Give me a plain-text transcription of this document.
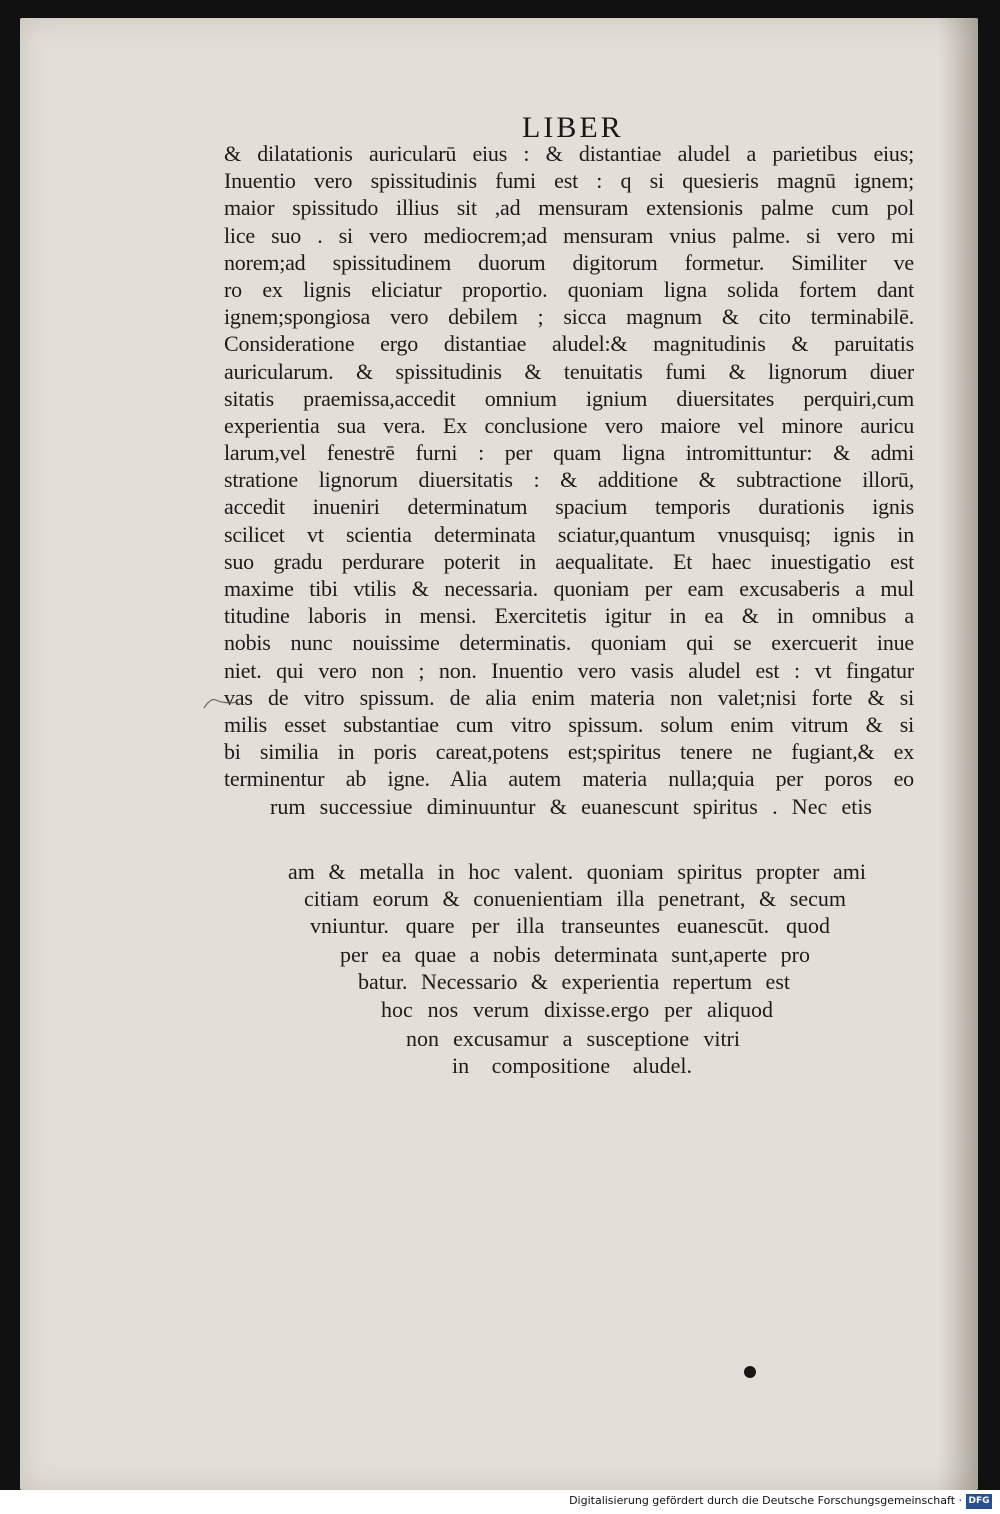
LIBER
& dilatationis auricularū eius : & distantiae aludel a parietibus eius;
Inuentio vero spissitudinis fumi est : q si quesieris magnū ignem;
maior spissitudo illius sit ,ad mensuram extensionis palme cum pol
lice suo . si vero mediocrem;ad mensuram vnius palme. si vero mi
norem;ad spissitudinem duorum digitorum formetur. Similiter ve
ro ex lignis eliciatur proportio. quoniam ligna solida fortem dant
ignem;spongiosa vero debilem ; sicca magnum & cito terminabilē.
Consideratione ergo distantiae aludel:& magnitudinis & paruitatis
auricularum. & spissitudinis & tenuitatis fumi & lignorum diuer
sitatis praemissa,accedit omnium ignium diuersitates perquiri,cum
experientia sua vera. Ex conclusione vero maiore vel minore auricu
larum,vel fenestrē furni : per quam ligna intromittuntur: & admi
stratione lignorum diuersitatis : & additione & subtractione illorū,
accedit inueniri determinatum spacium temporis durationis ignis
scilicet vt scientia determinata sciatur,quantum vnusquisq; ignis in
suo gradu perdurare poterit in aequalitate. Et haec inuestigatio est
maxime tibi vtilis & necessaria. quoniam per eam excusaberis a mul
titudine laboris in mensi. Exercitetis igitur in ea & in omnibus a
nobis nunc nouissime determinatis. quoniam qui se exercuerit inue
niet. qui vero non ; non. Inuentio vero vasis aludel est : vt fingatur
vas de vitro spissum. de alia enim materia non valet;nisi forte & si
milis esset substantiae cum vitro spissum. solum enim vitrum & si
bi similia in poris careat,potens est;spiritus tenere ne fugiant,& ex
terminentur ab igne. Alia autem materia nulla;quia per poros eo
rum successiue diminuuntur & euanescunt spiritus . Nec etis
am & metalla in hoc valent. quoniam spiritus propter ami
citiam eorum & conuenientiam illa penetrant, & secum
vniuntur. quare per illa transeuntes euanescūt. quod
per ea quae a nobis determinata sunt,aperte pro
batur. Necessario & experientia repertum est
hoc nos verum dixisse.ergo per aliquod
non excusamur a susceptione vitri
in compositione aludel.
Digitalisierung gefördert durch die Deutsche Forschungsgemeinschaft · DFG
